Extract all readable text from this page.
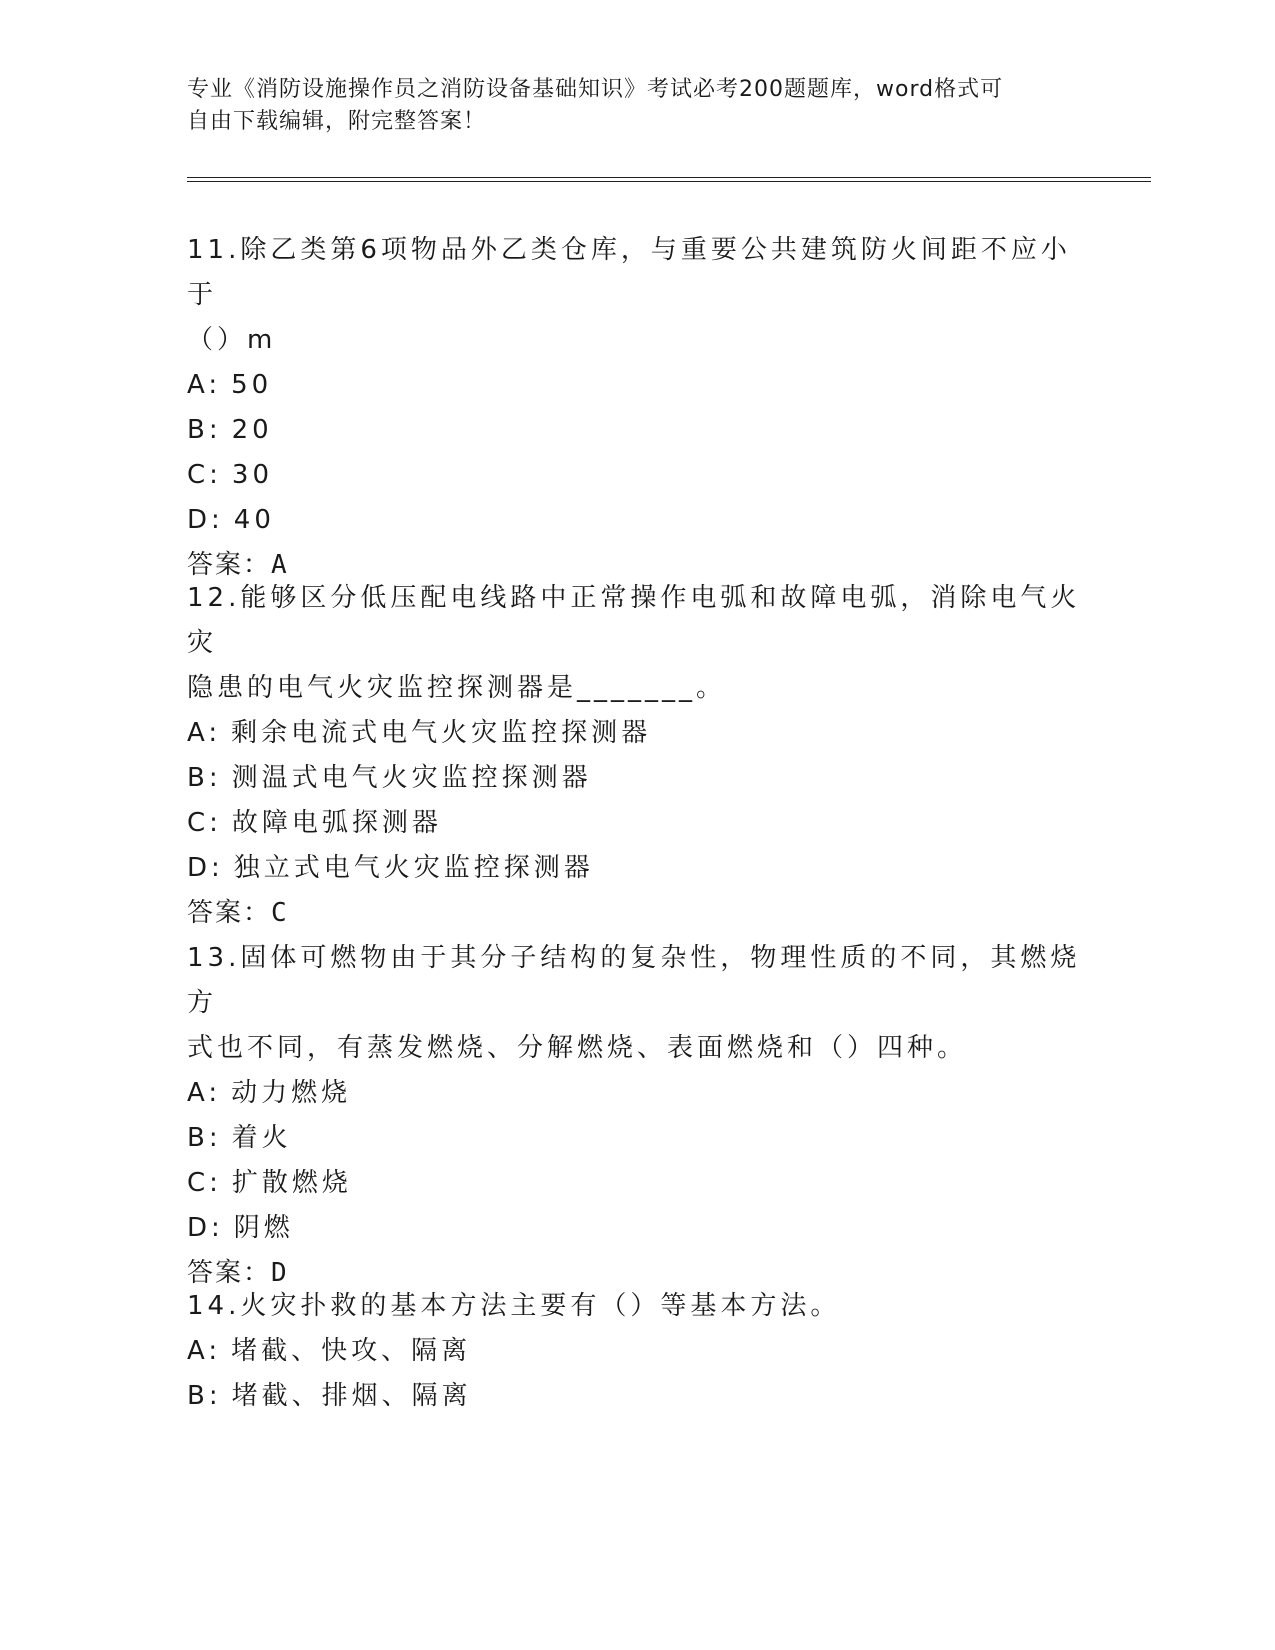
专业《消防设施操作员之消防设备基础知识》考试必考200题题库，word格式可
自由下载编辑，附完整答案！
11.除乙类第6项物品外乙类仓库，与重要公共建筑防火间距不应小于
（）m
A: 50
B: 20
C: 30
D: 40
答案：A
12.能够区分低压配电线路中正常操作电弧和故障电弧，消除电气火灾
隐患的电气火灾监控探测器是_______。
A: 剩余电流式电气火灾监控探测器
B: 测温式电气火灾监控探测器
C: 故障电弧探测器
D: 独立式电气火灾监控探测器
答案：C
13.固体可燃物由于其分子结构的复杂性，物理性质的不同，其燃烧方
式也不同，有蒸发燃烧、分解燃烧、表面燃烧和（）四种。
A: 动力燃烧
B: 着火
C: 扩散燃烧
D: 阴燃
答案：D
14.火灾扑救的基本方法主要有（）等基本方法。
A: 堵截、快攻、隔离
B: 堵截、排烟、隔离
